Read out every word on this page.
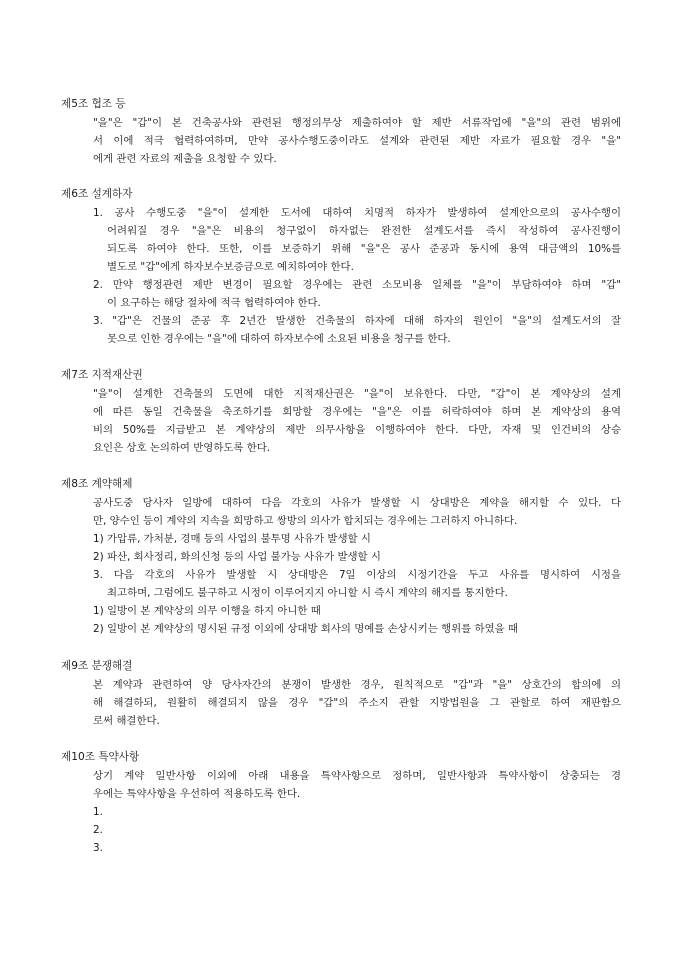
제5조 협조 등
"을"은 "갑"이 본 건축공사와 관련된 행정의무상 제출하여야 할 제반 서류작업에 "을"의 관련 범위에
서 이에 적극 협력하여하며, 만약 공사수행도중이라도 설계와 관련된 제반 자료가 필요할 경우 "을"
에게 관련 자료의 제출을 요청할 수 있다.
제6조 설계하자
1. 공사 수행도중 "을"이 설계한 도서에 대하여 치명적 하자가 발생하여 설계안으로의 공사수행이
어려워질 경우 "을"은 비용의 청구없이 하자없는 완전한 설계도서를 즉시 작성하여 공사진행이
되도록 하여야 한다. 또한, 이를 보증하기 위해 "을"은 공사 준공과 동시에 용역 대금액의 10%를
별도로 "갑"에게 하자보수보증금으로 예치하여야 한다.
2. 만약 행정관련 제반 변경이 필요할 경우에는 관련 소모비용 일체를 "을"이 부담하여야 하며 "갑"
이 요구하는 해당 절차에 적극 협력하여야 한다.
3. "갑"은 건물의 준공 후 2년간 발생한 건축물의 하자에 대해 하자의 원인이 "을"의 설계도서의 잘
못으로 인한 경우에는 "을"에 대하여 하자보수에 소요된 비용을 청구를 한다.
제7조 지적재산권
"을"이 설계한 건축물의 도면에 대한 지적재산권은 "을"이 보유한다. 다만, "갑"이 본 계약상의 설계
에 따른 동일 건축물을 축조하기를 희망할 경우에는 "을"은 이를 허락하여야 하며 본 계약상의 용역
비의 50%를 지급받고 본 계약상의 제반 의무사항을 이행하여야 한다. 다만, 자재 및 인건비의 상승
요인은 상호 논의하여 반영하도록 한다.
제8조 계약해제
공사도중 당사자 일방에 대하여 다음 각호의 사유가 발생할 시 상대방은 계약을 해지할 수 있다. 다
만, 양수인 등이 계약의 지속을 희망하고 쌍방의 의사가 합치되는 경우에는 그러하지 아니하다.
1) 가압류, 가처분, 경매 등의 사업의 불투명 사유가 발생할 시
2) 파산, 회사정리, 화의신청 등의 사업 불가능 사유가 발생할 시
3. 다음 각호의 사유가 발생할 시 상대방은 7일 이상의 시정기간을 두고 사유를 명시하여 시정을
최고하며, 그럼에도 불구하고 시정이 이루어지지 아니할 시 즉시 계약의 해지를 통지한다.
1) 일방이 본 계약상의 의무 이행을 하지 아니한 때
2) 일방이 본 계약상의 명시된 규정 이외에 상대방 회사의 명예를 손상시키는 행위를 하였을 때
제9조 분쟁해결
본 계약과 관련하여 양 당사자간의 분쟁이 발생한 경우, 원칙적으로 "갑"과 "을" 상호간의 합의에 의
해 해결하되, 원활히 해결되지 않을 경우 "갑"의 주소지 관할 지방법원을 그 관할로 하여 재판함으
로써 해결한다.
제10조 특약사항
상기 계약 일반사항 이외에 아래 내용을 특약사항으로 정하며, 일반사항과 특약사항이 상충되는 경
우에는 특약사항을 우선하여 적용하도록 한다.
1.
2.
3.
